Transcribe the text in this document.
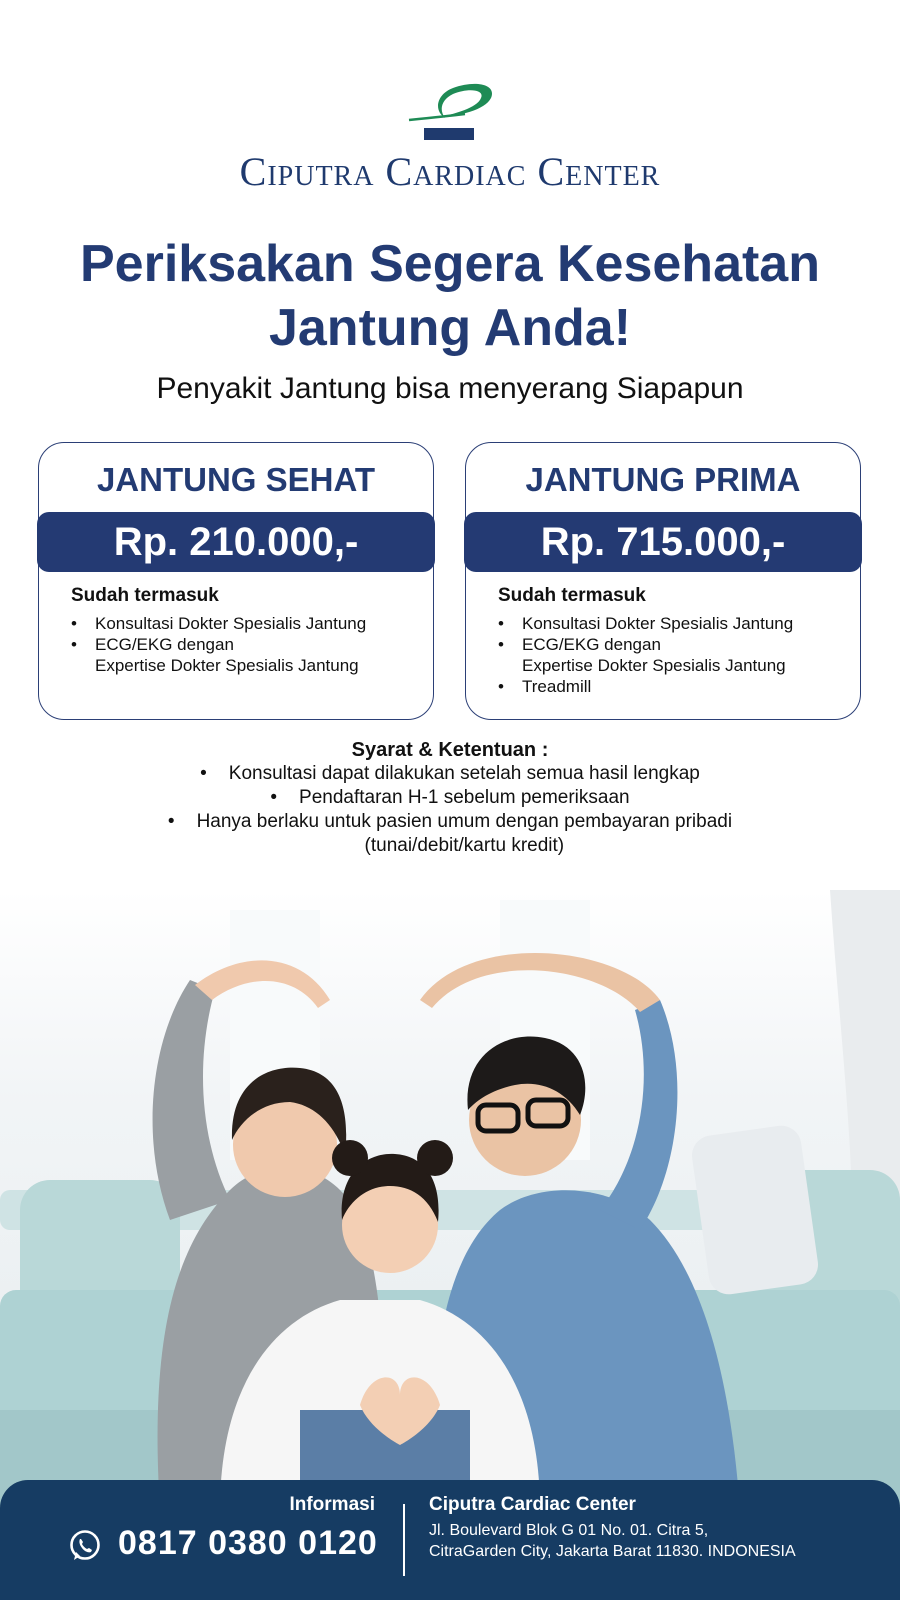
Ciputra Cardiac Center
Periksakan Segera Kesehatan Jantung Anda!

Penyakit Jantung bisa menyerang Siapapun

JANTUNG SEHAT
Rp. 210.000,-
Sudah termasuk
•	Konsultasi Dokter Spesialis Jantung
•	ECG/EKG dengan
Expertise Dokter Spesialis Jantung
JANTUNG PRIMA
Rp. 715.000,-
Sudah termasuk
•	Konsultasi Dokter Spesialis Jantung
•	ECG/EKG dengan
Expertise Dokter Spesialis Jantung
•	Treadmill
Syarat & Ketentuan :
• Konsultasi dapat dilakukan setelah semua hasil lengkap
• Pendaftaran H-1 sebelum pemeriksaan
• Hanya berlaku untuk pasien umum dengan pembayaran pribadi
(tunai/debit/kartu kredit)
Informasi
0817 0380 0120
Ciputra Cardiac Center
Jl. Boulevard Blok G 01 No. 01. Citra 5,
CitraGarden City, Jakarta Barat 11830. INDONESIA
